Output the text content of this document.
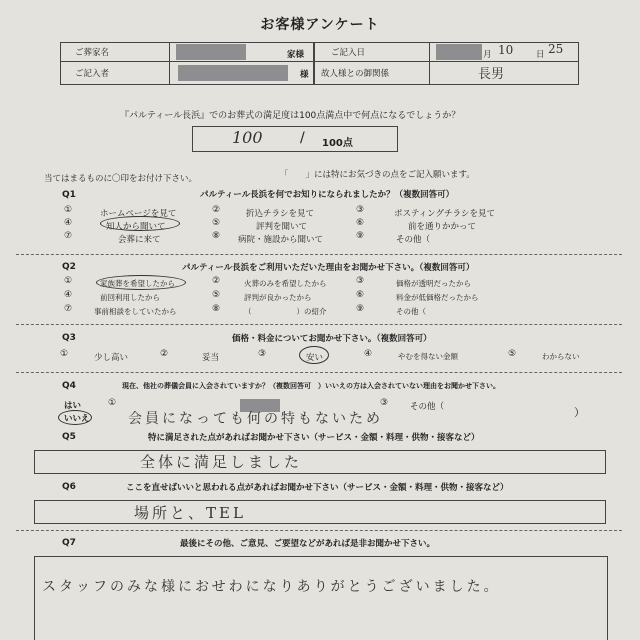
お客様アンケート
ご葬家名	家様	ご記入日	月 10	日 25
ご記入者	様	故人様との御関係	長男
『パルティール長浜』でのお葬式の満足度は100点満点中で何点になるでしょうか？
100	/ 100点
当てはまるものに〇印をお付け下さい。	「　　」には特にお気づきの点をご記入願います。
Q1	パルティール長浜を何でお知りになられましたか？（複数回答可）
①	ホームページを見て	②	折込チラシを見て	③	ポスティングチラシを見て
④	知人から聞いて	⑤	評判を聞いて	⑥	前を通りかかって
⑦	会葬に来て	⑧ 病院・施設から聞いて	⑨	その他（
Q2	パルティール長浜をご利用いただいた理由をお聞かせ下さい。（複数回答可）
①	家族葬を希望したから	②	火葬のみを希望したから	③	価格が透明だったから
④	前回利用したから	⑤	評判が良かったから	⑥	料金が低価格だったから
⑦	事前相談をしていたから	⑧	（　　　　　　）の紹介	⑨	その他（
Q3	価格・料金についてお聞かせ下さい。（複数回答可）
①	少し高い	②	妥当	③	安い	④	やむを得ない金額	⑤	わからない
Q4	現在、他社の葬儀会員に入会されていますか？（複数回答可　）いいえの方は入会されていない理由をお聞かせ下さい。
はい
いいえ
①	③	その他（	）
会員になっても何の特もないため
Q5	特に満足された点があればお聞かせ下さい（サービス・金額・料理・供物・接客など）
全体に満足しました
Q6	ここを直せばいいと思われる点があればお聞かせ下さい（サービス・金額・料理・供物・接客など）
場所と、TEL
Q7	最後にその他、ご意見、ご要望などがあれば是非お聞かせ下さい。
スタッフのみな様におせわになりありがとうございました。
